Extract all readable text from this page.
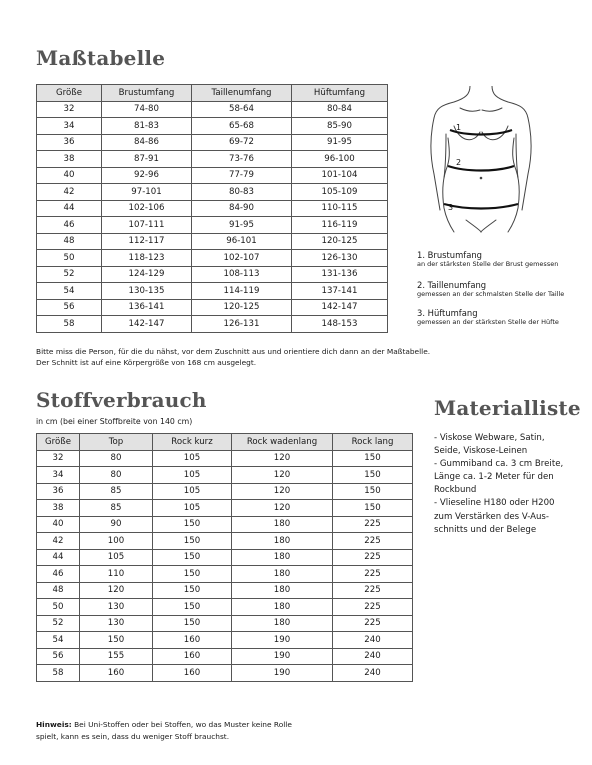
Maßtabelle
Größe	Brustumfang	Taillenumfang	Hüftumfang
32	74-80	58-64	80-84
34	81-83	65-68	85-90
36	84-86	69-72	91-95
38	87-91	73-76	96-100
40	92-96	77-79	101-104
42	97-101	80-83	105-109
44	102-106	84-90	110-115
46	107-111	91-95	116-119
48	112-117	96-101	120-125
50	118-123	102-107	126-130
52	124-129	108-113	131-136
54	130-135	114-119	137-141
56	136-141	120-125	142-147
58	142-147	126-131	148-153

Bitte miss die Person, für die du nähst, vor dem Zuschnitt aus und orientiere dich dann an der Maßtabelle.

Der Schnitt ist auf eine Körpergröße von 168 cm ausgelegt.

1
2
3
1. Brustumfang
an der stärksten Stelle der Brust gemessen
2. Taillenumfang
gemessen an der schmalsten Stelle der Taille
3. Hüftumfang
gemessen an der stärksten Stelle der Hüfte
Stoffverbrauch

in cm (bei einer Stoffbreite von 140 cm)

Größe	Top	Rock kurz	Rock wadenlang	Rock lang
32	80	105	120	150
34	80	105	120	150
36	85	105	120	150
38	85	105	120	150
40	90	150	180	225
42	100	150	180	225
44	105	150	180	225
46	110	150	180	225
48	120	150	180	225
50	130	150	180	225
52	130	150	180	225
54	150	160	190	240
56	155	160	190	240
58	160	160	190	240

Hinweis: Bei Uni-Stoffen oder bei Stoffen, wo das Muster keine Rolle

spielt, kann es sein, dass du weniger Stoff brauchst.

Materialliste
- Viskose Webware, Satin,
Seide, Viskose-Leinen
- Gummiband ca. 3 cm Breite,
Länge ca. 1-2 Meter für den
Rockbund
- Vlieseline H180 oder H200
zum Verstärken des V-Aus-
schnitts und der Belege
